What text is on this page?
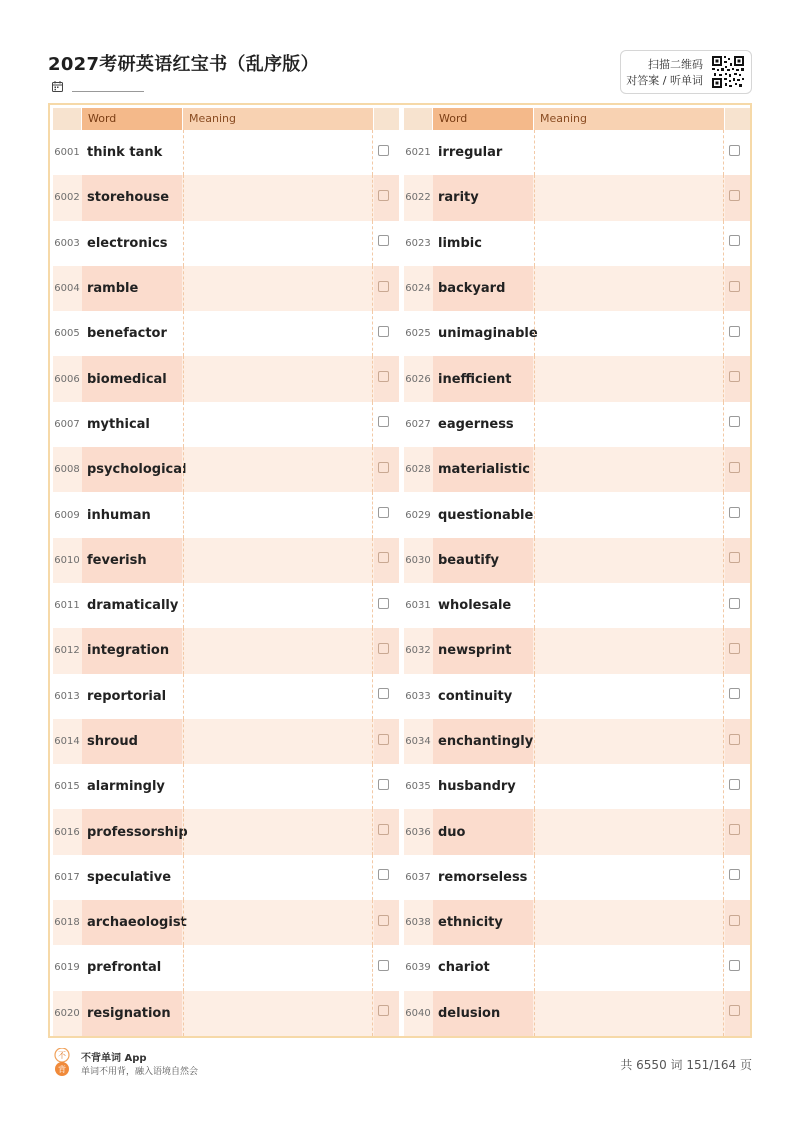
2027考研英语红宝书（乱序版）	扫描二维码
对答案 / 听单词
Word	Meaning
6001 think tank
6002 storehouse
6003 electronics
6004 ramble
6005 benefactor
6006 biomedical
6007 mythical
6008 psychological
6009 inhuman
6010 feverish
6011 dramatically
6012 integration
6013 reportorial
6014 shroud
6015 alarmingly
6016 professorship
6017 speculative
6018 archaeologist
6019 prefrontal
6020 resignation
Word	Meaning
6021 irregular
6022 rarity
6023 limbic
6024 backyard
6025 unimaginable
6026 inefficient
6027 eagerness
6028 materialistic
6029 questionable
6030 beautify
6031 wholesale
6032 newsprint
6033 continuity
6034 enchantingly
6035 husbandry
6036 duo
6037 remorseless
6038 ethnicity
6039 chariot
6040 delusion
不
背
不背单词 App
单词不用背，融入语境自然会	共 6550 词 151/164 页
